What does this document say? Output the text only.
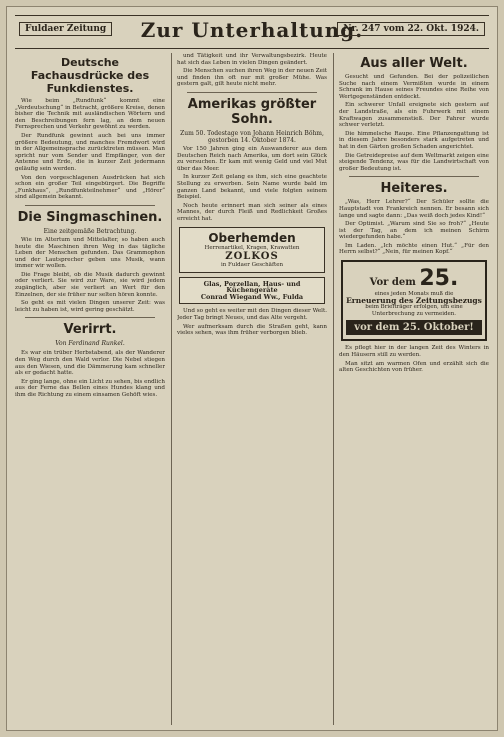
Fuldaer Zeitung	Zur Unterhaltung.
Nr. 247 vom 22. Okt. 1924.
Deutsche Fachausdrücke des Funkdienstes.

Wie beim „Rundfunk“ kommt eine „Verdeutschung“ in Betracht, größere Kreise, denen bisher die Technik mit ausländischen Wörtern und den Beschreibungen fern lag, an dem neuen Fernsprechen und Verkehr gewöhnt zu werden.

Der Rundfunk gewinnt auch bei uns immer größere Bedeutung, und manches Fremdwort wird in der Allgemeinsprache zurücktreten müssen. Man spricht nur vom Sender und Empfänger, von der Antenne und Erde, die in kurzer Zeit jedermann geläufig sein werden.

Von den vorgeschlagenen Ausdrücken hat sich schon ein großer Teil eingebürgert. Die Begriffe „Funkhaus“, „Rundfunkteilnehmer“ und „Hörer“ sind allgemein bekannt.

Die Singmaschinen.
Eine zeitgemäße Betrachtung.

Wie im Altertum und Mittelalter, so haben auch heute die Maschinen ihren Weg in das tägliche Leben der Menschen gefunden. Das Grammophon und der Lautsprecher geben uns Musik, wann immer wir wollen.

Die Frage bleibt, ob die Musik dadurch gewinnt oder verliert. Sie wird zur Ware, sie wird jedem zugänglich, aber sie verliert an Wert für den Einzelnen, der sie früher nur selten hören konnte.

So geht es mit vielen Dingen unserer Zeit: was leicht zu haben ist, wird gering geschätzt.

Verirrt.
Von Ferdinand Runkel.

Es war ein trüber Herbstabend, als der Wanderer den Weg durch den Wald verlor. Die Nebel stiegen aus den Wiesen, und die Dämmerung kam schneller als er gedacht hatte.

Er ging lange, ohne ein Licht zu sehen, bis endlich aus der Ferne das Bellen eines Hundes klang und ihm die Richtung zu einem einsamen Gehöft wies.

und Tätigkeit und ihr Verwaltungsbezirk. Heute hat sich das Leben in vielen Dingen geändert.

Die Menschen suchen ihren Weg in der neuen Zeit und finden ihn oft nur mit großer Mühe. Was gestern galt, gilt heute nicht mehr.

Amerikas größter Sohn.
Zum 50. Todestage von Johann Heinrich Böhm, gestorben 14. Oktober 1874.

Vor 150 Jahren ging ein Auswanderer aus dem Deutschen Reich nach Amerika, um dort sein Glück zu versuchen. Er kam mit wenig Geld und viel Mut über das Meer.

In kurzer Zeit gelang es ihm, sich eine geachtete Stellung zu erwerben. Sein Name wurde bald im ganzen Land bekannt, und viele folgten seinem Beispiel.

Noch heute erinnert man sich seiner als eines Mannes, der durch Fleiß und Redlichkeit Großes erreicht hat.

Oberhemden
Herrenartikel, Kragen, Krawatten
ZOLKOS
in Fuldaer Geschäften
Glas, Porzellan, Haus- und Küchengeräte
Conrad Wiegand Ww., Fulda

Und so geht es weiter mit den Dingen dieser Welt. Jeder Tag bringt Neues, und das Alte vergeht.

Wer aufmerksam durch die Straßen geht, kann vieles sehen, was ihm früher verborgen blieb.

Aus aller Welt.

Gesucht und Gefunden. Bei der polizeilichen Suche nach einem Vermißten wurde in einem Schrank im Hause seines Freundes eine Reihe von Wertgegenständen entdeckt.

Ein schwerer Unfall ereignete sich gestern auf der Landstraße, als ein Fuhrwerk mit einem Kraftwagen zusammenstieß. Der Fahrer wurde schwer verletzt.

Die himmelsche Raupe. Eine Pflanzengattung ist in diesem Jahre besonders stark aufgetreten und hat in den Gärten großen Schaden angerichtet.

Die Getreidepreise auf dem Weltmarkt zeigen eine steigende Tendenz, was für die Landwirtschaft von großer Bedeutung ist.

Heiteres.

„Was, Herr Lehrer?“ Der Schüler sollte die Hauptstadt von Frankreich nennen. Er besann sich lange und sagte dann: „Das weiß doch jedes Kind!“

Der Optimist. „Warum sind Sie so froh?“ „Heute ist der Tag, an dem ich meinen Schirm wiedergefunden habe.“

Im Laden. „Ich möchte einen Hut.“ „Für den Herrn selbst?“ „Nein, für meinen Kopf.“

Vor dem 25.
eines jeden Monats muß die
Erneuerung des Zeitungsbezugs
beim Briefträger erfolgen, um eine Unterbrechung zu vermeiden.
vor dem 25. Oktober!

Es pflegt hier in der langen Zeit des Winters in den Häusern still zu werden.

Man sitzt am warmen Ofen und erzählt sich die alten Geschichten von früher.
